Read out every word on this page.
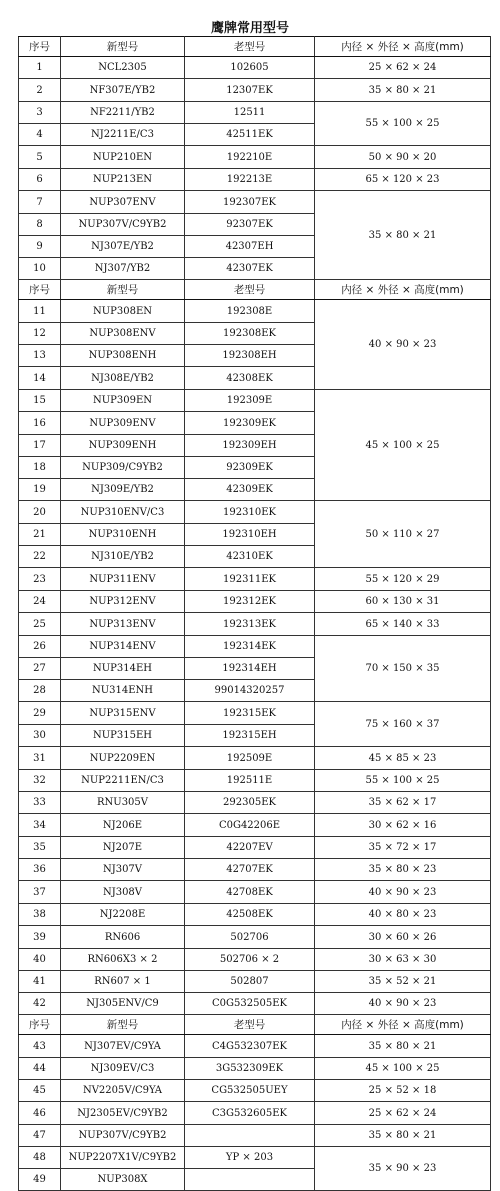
鹰牌常用型号
序号	新型号	老型号	内径 × 外径 × 高度(mm)
1	NCL2305	102605	25 × 62 × 24
2	NF307E/YB2	12307EK	35 × 80 × 21
3	NF2211/YB2	12511	55 × 100 × 25
4	NJ2211E/C3	42511EK	
5	NUP210EN	192210E	50 × 90 × 20
6	NUP213EN	192213E	65 × 120 × 23
7	NUP307ENV	192307EK	35 × 80 × 21
8	NUP307V/C9YB2	92307EK	
9	NJ307E/YB2	42307EH	
10	NJ307/YB2	42307EK	
序号	新型号	老型号	内径 × 外径 × 高度(mm)
11	NUP308EN	192308E	40 × 90 × 23
12	NUP308ENV	192308EK	
13	NUP308ENH	192308EH	
14	NJ308E/YB2	42308EK	
15	NUP309EN	192309E	45 × 100 × 25
16	NUP309ENV	192309EK	
17	NUP309ENH	192309EH	
18	NUP309/C9YB2	92309EK	
19	NJ309E/YB2	42309EK	
20	NUP310ENV/C3	192310EK	50 × 110 × 27
21	NUP310ENH	192310EH	
22	NJ310E/YB2	42310EK	
23	NUP311ENV	192311EK	55 × 120 × 29
24	NUP312ENV	192312EK	60 × 130 × 31
25	NUP313ENV	192313EK	65 × 140 × 33
26	NUP314ENV	192314EK	70 × 150 × 35
27	NUP314EH	192314EH	
28	NU314ENH	99014320257	
29	NUP315ENV	192315EK	75 × 160 × 37
30	NUP315EH	192315EH	
31	NUP2209EN	192509E	45 × 85 × 23
32	NUP2211EN/C3	192511E	55 × 100 × 25
33	RNU305V	292305EK	35 × 62 × 17
34	NJ206E	C0G42206E	30 × 62 × 16
35	NJ207E	42207EV	35 × 72 × 17
36	NJ307V	42707EK	35 × 80 × 23
37	NJ308V	42708EK	40 × 90 × 23
38	NJ2208E	42508EK	40 × 80 × 23
39	RN606	502706	30 × 60 × 26
40	RN606X3 × 2	502706 × 2	30 × 63 × 30
41	RN607 × 1	502807	35 × 52 × 21
42	NJ305ENV/C9	C0G532505EK	40 × 90 × 23
序号	新型号	老型号	内径 × 外径 × 高度(mm)
43	NJ307EV/C9YA	C4G532307EK	35 × 80 × 21
44	NJ309EV/C3	3G532309EK	45 × 100 × 25
45	NV2205V/C9YA	CG532505UEY	25 × 52 × 18
46	NJ2305EV/C9YB2	C3G532605EK	25 × 62 × 24
47	NUP307V/C9YB2		35 × 80 × 21
48	NUP2207X1V/C9YB2	YP × 203	35 × 90 × 23
49	NUP308X		
